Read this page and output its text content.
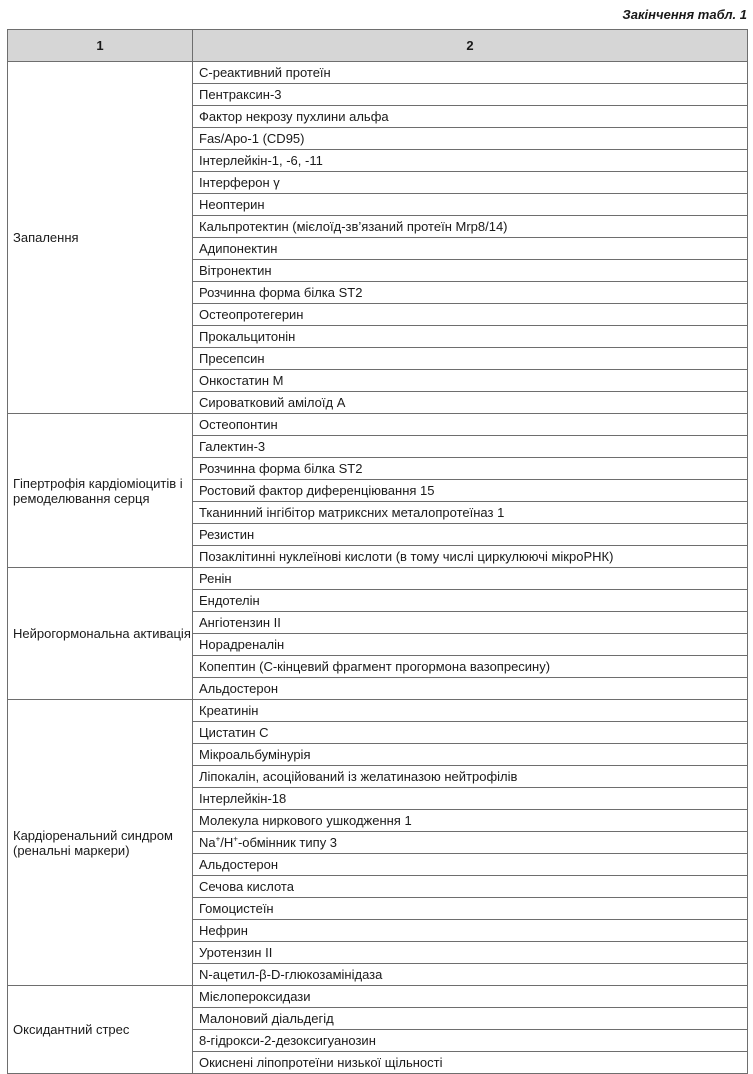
Закінчення табл. 1
1	2
Запалення	С-реактивний протеїн
	Пентраксин-3
	Фактор некрозу пухлини альфа
	Fas/Apo-1 (CD95)
	Інтерлейкін-1, -6, -11
	Інтерферон γ
	Неоптерин
	Кальпротектин (мієлоїд-зв’язаний протеїн Mrp8/14)
	Адипонектин
	Вітронектин
	Розчинна форма білка ST2
	Остеопротегерин
	Прокальцитонін
	Пресепсин
	Онкостатин М
	Сироватковий амілоїд А
Гіпертрофія кардіоміоцитів і ремоделювання серця	Остеопонтин
	Галектин-3
	Розчинна форма білка ST2
	Ростовий фактор диференціювання 15
	Тканинний інгібітор матриксних металопротеїназ 1
	Резистин
	Позаклітинні нуклеїнові кислоти (в тому числі циркулюючі мікроРНК)
Нейрогормональна активація	Ренін
	Ендотелін
	Ангіотензин II
	Норадреналін
	Копептин (С-кінцевий фрагмент прогормона вазопресину)
	Альдостерон
Кардіоренальний синдром (ренальні маркери)	Креатинін
	Цистатин С
	Мікроальбумінурія
	Ліпокалін, асоційований із желатиназою нейтрофілів
	Інтерлейкін-18
	Молекула ниркового ушкодження 1
	Na+/H+-обмінник типу 3
	Альдостерон
	Сечова кислота
	Гомоцистеїн
	Нефрин
	Уротензин II
	N-ацетил-β-D-глюкозамінідаза
Оксидантний стрес	Мієлопероксидази
	Малоновий діальдегід
	8-гідрокси-2-дезоксигуанозин
	Окиснені ліпопротеїни низької щільності
